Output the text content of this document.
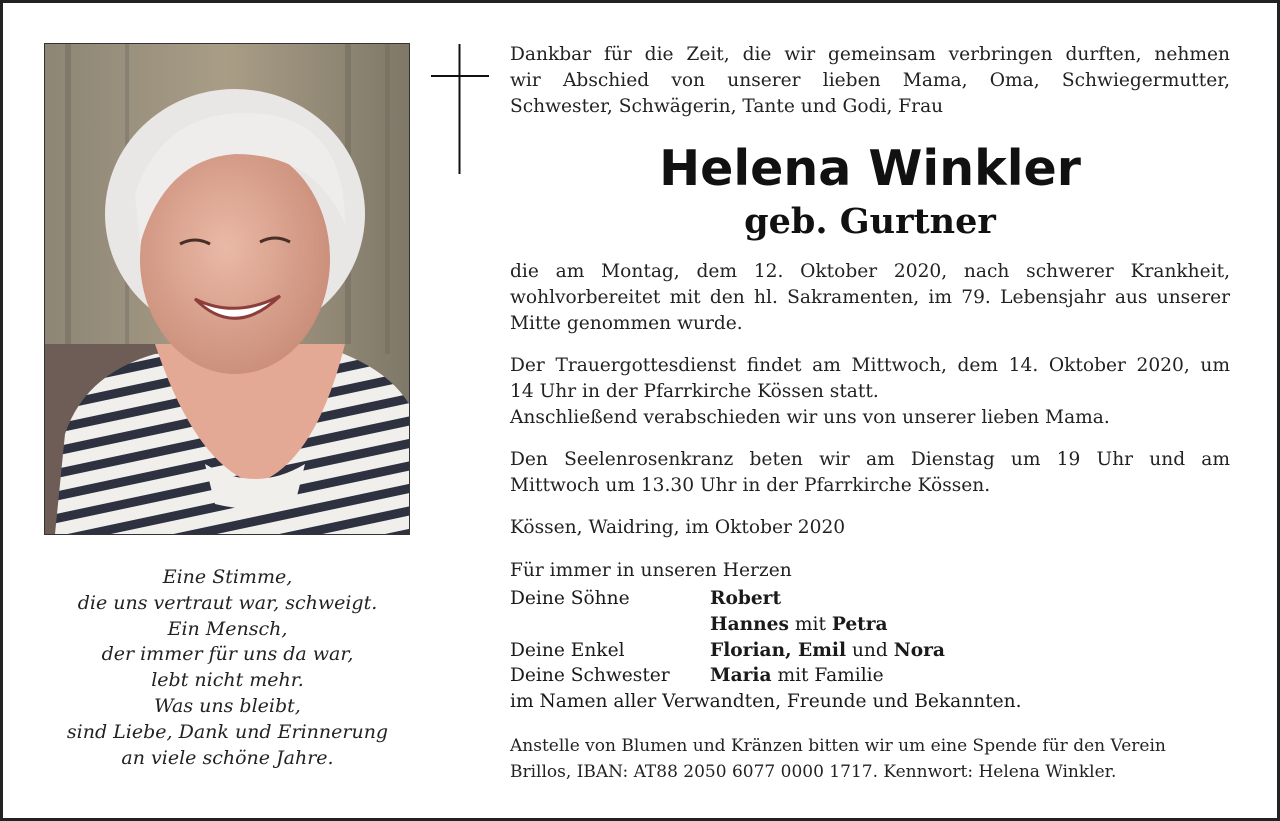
Eine Stimme,
die uns vertraut war, schweigt.
Ein Mensch,
der immer für uns da war,
lebt nicht mehr.
Was uns bleibt,
sind Liebe, Dank und Erinnerung
an viele schöne Jahre.
Dankbar für die Zeit, die wir gemeinsam verbringen durften, nehmen
wir Abschied von unserer lieben Mama, Oma, Schwiegermutter,
Schwester, Schwägerin, Tante und Godi, Frau
Helena Winkler
geb. Gurtner
die am Montag, dem 12. Oktober 2020, nach schwerer Krankheit,
wohlvorbereitet mit den hl. Sakramenten, im 79. Lebensjahr aus unserer
Mitte genommen wurde.
Der Trauergottesdienst findet am Mittwoch, dem 14. Oktober 2020, um
14 Uhr in der Pfarrkirche Kössen statt.
Anschließend verabschieden wir uns von unserer lieben Mama.
Den Seelenrosenkranz beten wir am Dienstag um 19 Uhr und am
Mittwoch um 13.30 Uhr in der Pfarrkirche Kössen.
Kössen, Waidring, im Oktober 2020
Für immer in unseren Herzen
Deine Söhne	Robert
Hannes mit Petra
Deine Enkel	Florian, Emil und Nora
Deine Schwester	Maria mit Familie
im Namen aller Verwandten, Freunde und Bekannten.
Anstelle von Blumen und Kränzen bitten wir um eine Spende für den Verein
Brillos, IBAN: AT88 2050 6077 0000 1717. Kennwort: Helena Winkler.
